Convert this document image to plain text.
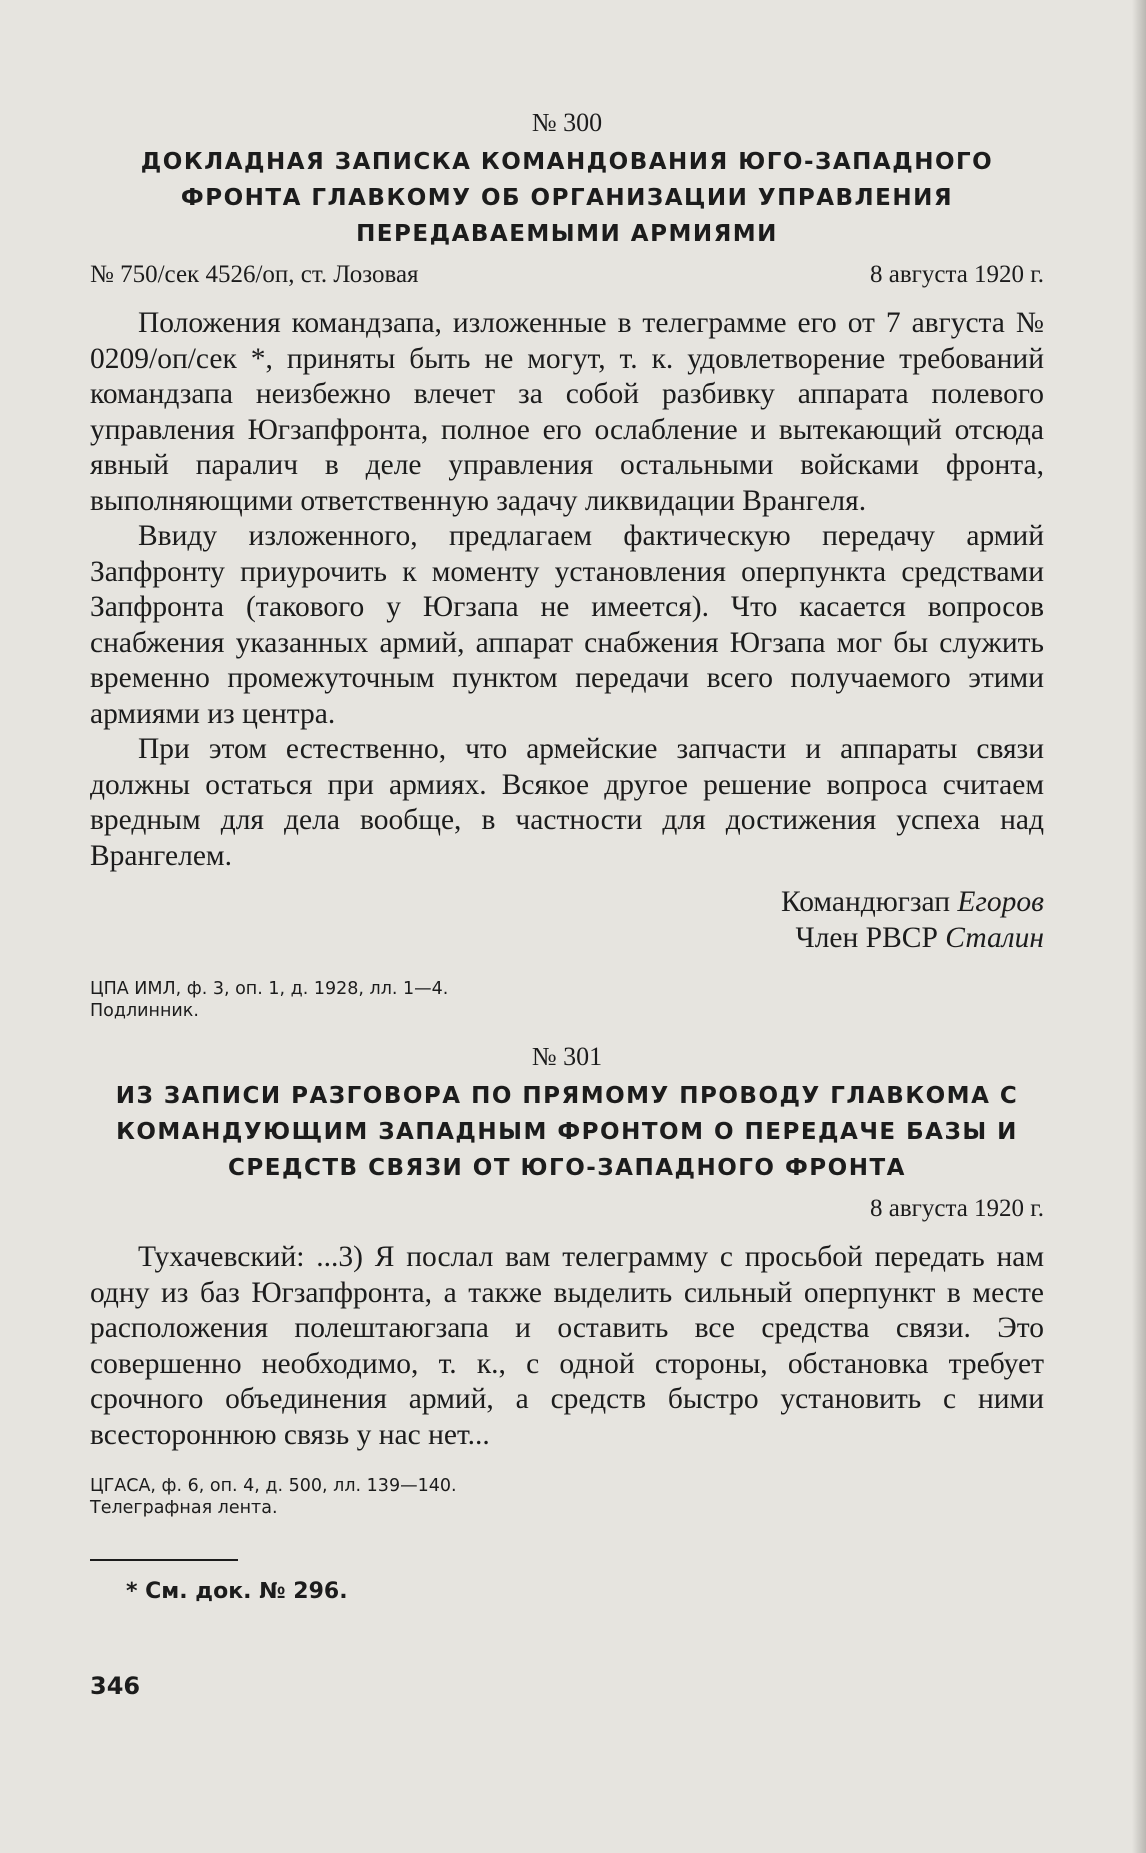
№ 300

ДОКЛАДНАЯ ЗАПИСКА КОМАНДОВАНИЯ ЮГО-ЗАПАДНОГО ФРОНТА ГЛАВКОМУ ОБ ОРГАНИЗАЦИИ УПРАВЛЕНИЯ ПЕРЕДАВАЕМЫМИ АРМИЯМИ
№ 750/сек 4526/оп, ст. Лозовая	8 августа 1920 г.

Положения командзапа, изложенные в телеграмме его от 7 августа № 0209/оп/сек *, приняты быть не могут, т. к. удовлетворение требований командзапа неизбежно влечет за собой разбивку аппарата полевого управления Югзапфронта, полное его ослабление и вытекающий отсюда явный паралич в деле управления остальными войсками фронта, выполняющими ответственную задачу ликвидации Врангеля.

Ввиду изложенного, предлагаем фактическую передачу армий Запфронту приурочить к моменту установления оперпункта средствами Запфронта (такового у Югзапа не имеется). Что касается вопросов снабжения указанных армий, аппарат снабжения Югзапа мог бы служить временно промежуточным пунктом передачи всего получаемого этими армиями из центра.

При этом естественно, что армейские запчасти и аппараты связи должны остаться при армиях. Всякое другое решение вопроса считаем вредным для дела вообще, в частности для достижения успеха над Врангелем.

Командюгзап Егоров
Член РВСР Сталин

ЦПА ИМЛ, ф. 3, оп. 1, д. 1928, лл. 1—4. Подлинник.

№ 301

ИЗ ЗАПИСИ РАЗГОВОРА ПО ПРЯМОМУ ПРОВОДУ ГЛАВКОМА С КОМАНДУЮЩИМ ЗАПАДНЫМ ФРОНТОМ О ПЕРЕДАЧЕ БАЗЫ И СРЕДСТВ СВЯЗИ ОТ ЮГО-ЗАПАДНОГО ФРОНТА
8 августа 1920 г.

Тухачевский: ...3) Я послал вам телеграмму с просьбой передать нам одну из баз Югзапфронта, а также выделить сильный оперпункт в месте расположения полештаюгзапа и оставить все средства связи. Это совершенно необходимо, т. к., с одной стороны, обстановка требует срочного объединения армий, а средств быстро установить с ними всестороннюю связь у нас нет...

ЦГАСА, ф. 6, оп. 4, д. 500, лл. 139—140. Телеграфная лента.

* См. док. № 296.

346
